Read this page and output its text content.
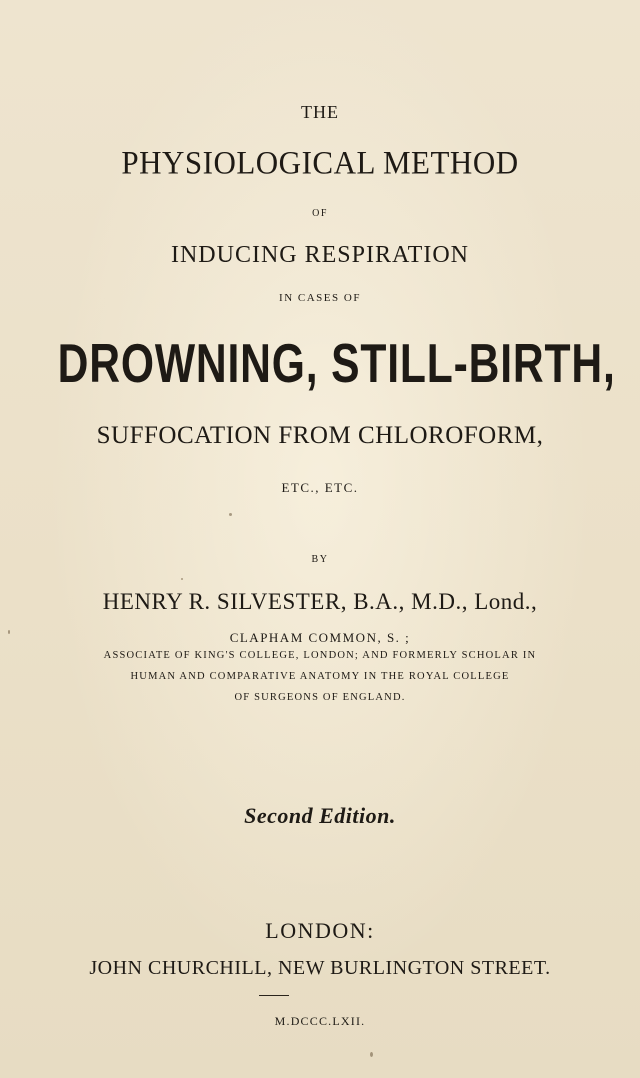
THE
PHYSIOLOGICAL METHOD
OF
INDUCING RESPIRATION
IN CASES OF
DROWNING, STILL-BIRTH,
SUFFOCATION FROM CHLOROFORM,
ETC., ETC.
BY
HENRY R. SILVESTER, B.A., M.D., Lond.,
CLAPHAM COMMON, S. ;
ASSOCIATE OF KING'S COLLEGE, LONDON; AND FORMERLY SCHOLAR IN
HUMAN AND COMPARATIVE ANATOMY IN THE ROYAL COLLEGE
OF SURGEONS OF ENGLAND.
Second Edition.
LONDON:
JOHN CHURCHILL, NEW BURLINGTON STREET.
M.DCCC.LXII.
